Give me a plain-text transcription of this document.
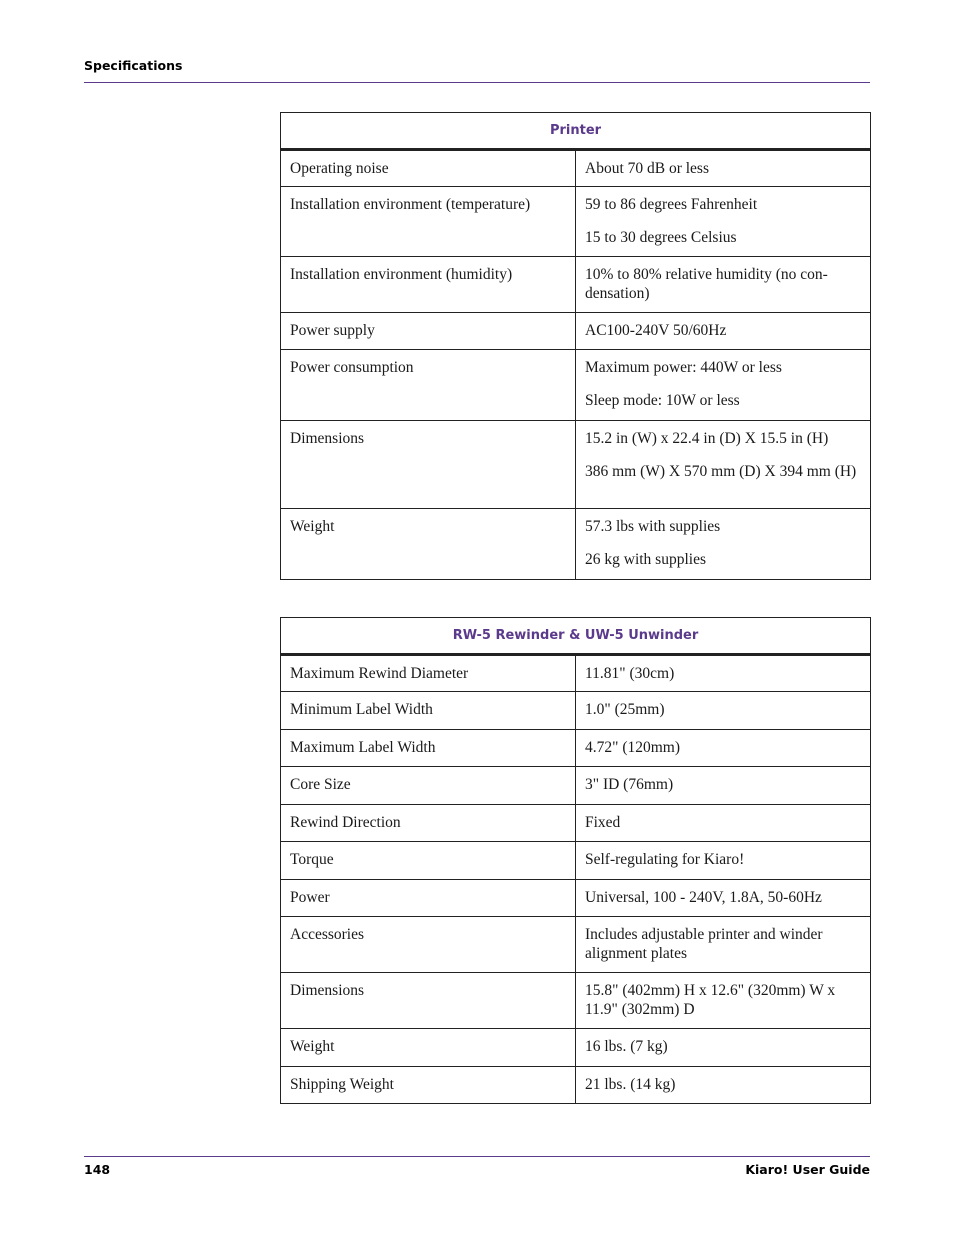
Specifications
Printer	
Operating noise	About 70 dB or less

Installation environment (temperature)	59 to 86 degrees Fahrenheit

15 to 30 degrees Celsius

Installation environment (humidity)	10% to 80% relative humidity (no con- densation)

Power supply	AC100-240V 50/60Hz

Power consumption	Maximum power: 440W or less

Sleep mode: 10W or less

Dimensions	15.2 in (W) x 22.4 in (D) X 15.5 in (H)

386 mm (W) X 570 mm (D) X 394 mm (H)

Weight	57.3 lbs with supplies

26 kg with supplies

RW-5 Rewinder & UW-5 Unwinder	
Maximum Rewind Diameter	11.81" (30cm)

Minimum Label Width	1.0" (25mm)

Maximum Label Width	4.72" (120mm)

Core Size	3" ID (76mm)

Rewind Direction	Fixed

Torque	Self-regulating for Kiaro!

Power	Universal, 100 - 240V, 1.8A, 50-60Hz

Accessories	Includes adjustable printer and winder alignment plates

Dimensions	15.8" (402mm) H x 12.6" (320mm) W x 11.9" (302mm) D

Weight	16 lbs. (7 kg)

Shipping Weight	21 lbs. (14 kg)

148	Kiaro! User Guide
